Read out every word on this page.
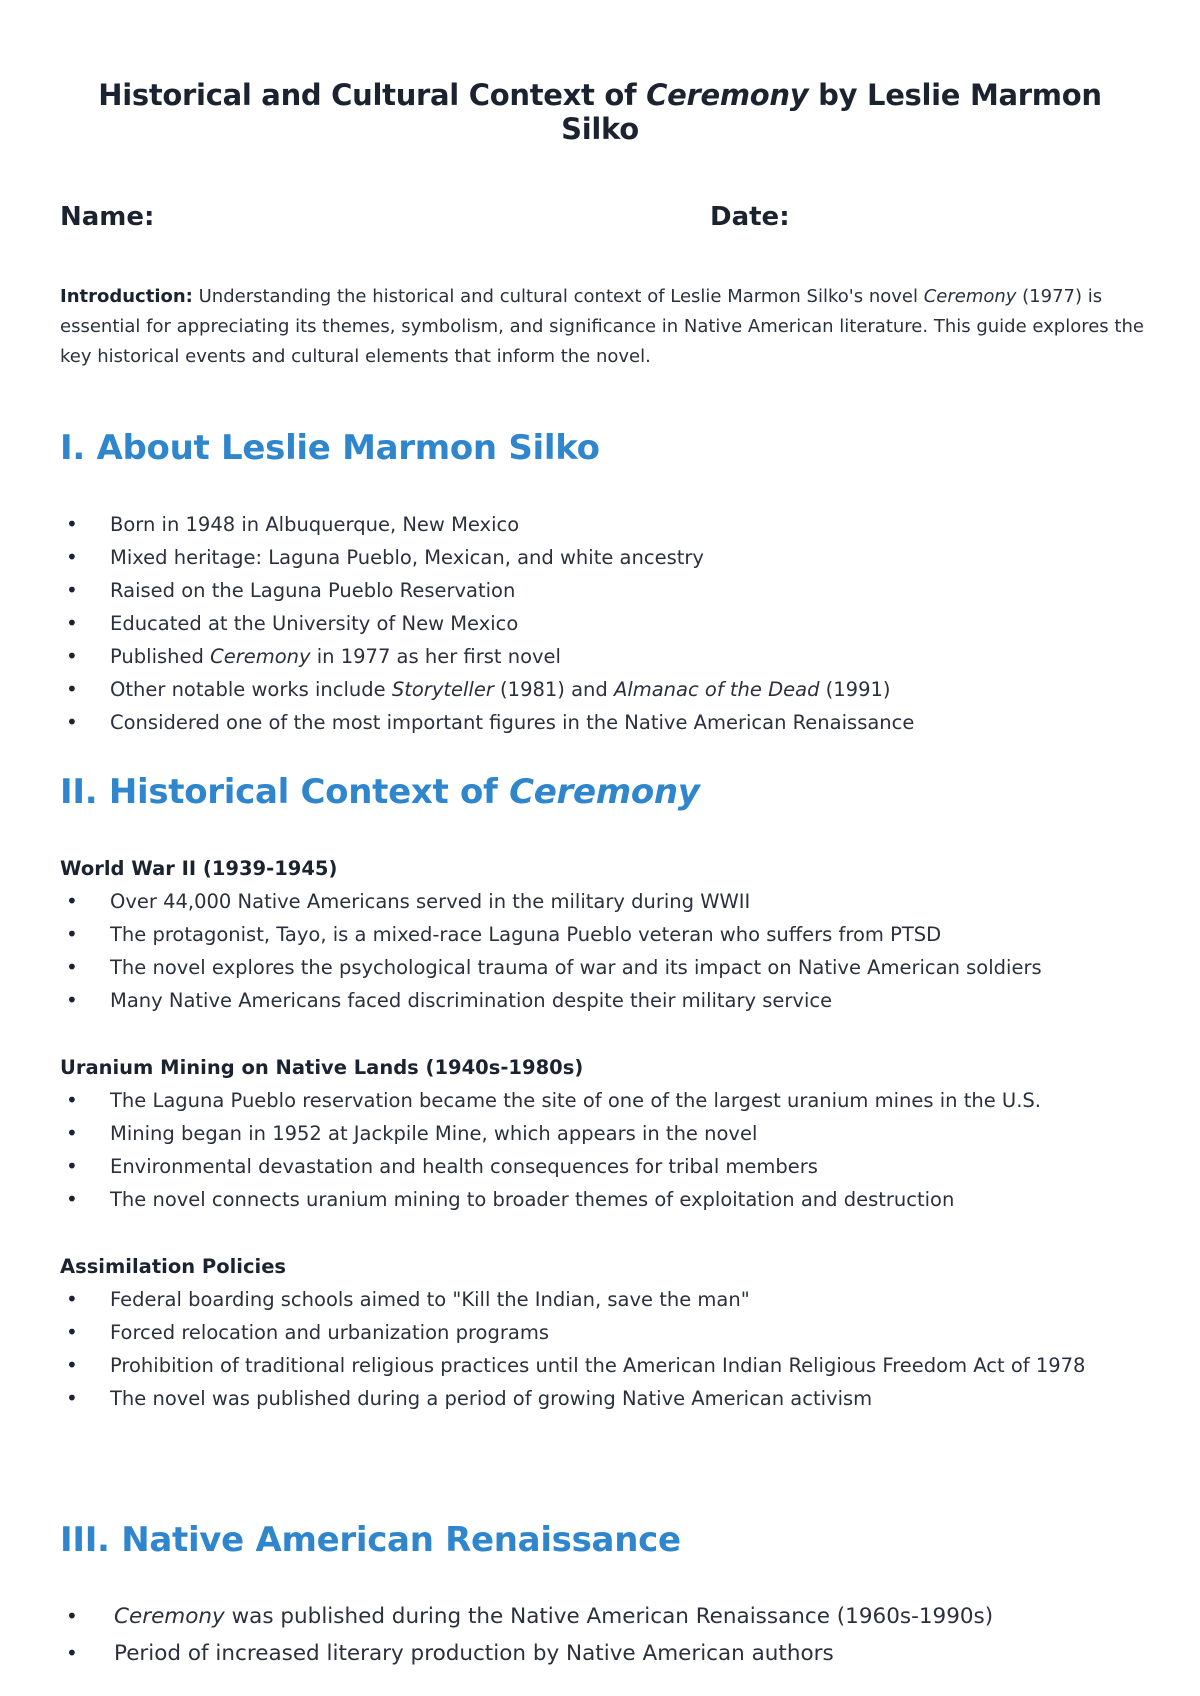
Historical and Cultural Context of Ceremony by Leslie Marmon Silko
Name:	Date:

Introduction: Understanding the historical and cultural context of Leslie Marmon Silko's novel Ceremony (1977) is essential for appreciating its themes, symbolism, and significance in Native American literature. This guide explores the key historical events and cultural elements that inform the novel.

I. About Leslie Marmon Silko
• Born in 1948 in Albuquerque, New Mexico
• Mixed heritage: Laguna Pueblo, Mexican, and white ancestry
• Raised on the Laguna Pueblo Reservation
• Educated at the University of New Mexico
• Published Ceremony in 1977 as her first novel
• Other notable works include Storyteller (1981) and Almanac of the Dead (1991)
• Considered one of the most important figures in the Native American Renaissance
II. Historical Context of Ceremony
World War II (1939-1945)
• Over 44,000 Native Americans served in the military during WWII
• The protagonist, Tayo, is a mixed-race Laguna Pueblo veteran who suffers from PTSD
• The novel explores the psychological trauma of war and its impact on Native American soldiers
• Many Native Americans faced discrimination despite their military service
Uranium Mining on Native Lands (1940s-1980s)
• The Laguna Pueblo reservation became the site of one of the largest uranium mines in the U.S.
• Mining began in 1952 at Jackpile Mine, which appears in the novel
• Environmental devastation and health consequences for tribal members
• The novel connects uranium mining to broader themes of exploitation and destruction
Assimilation Policies
• Federal boarding schools aimed to "Kill the Indian, save the man"
• Forced relocation and urbanization programs
• Prohibition of traditional religious practices until the American Indian Religious Freedom Act of 1978
• The novel was published during a period of growing Native American activism
III. Native American Renaissance
• Ceremony was published during the Native American Renaissance (1960s-1990s)
• Period of increased literary production by Native American authors
